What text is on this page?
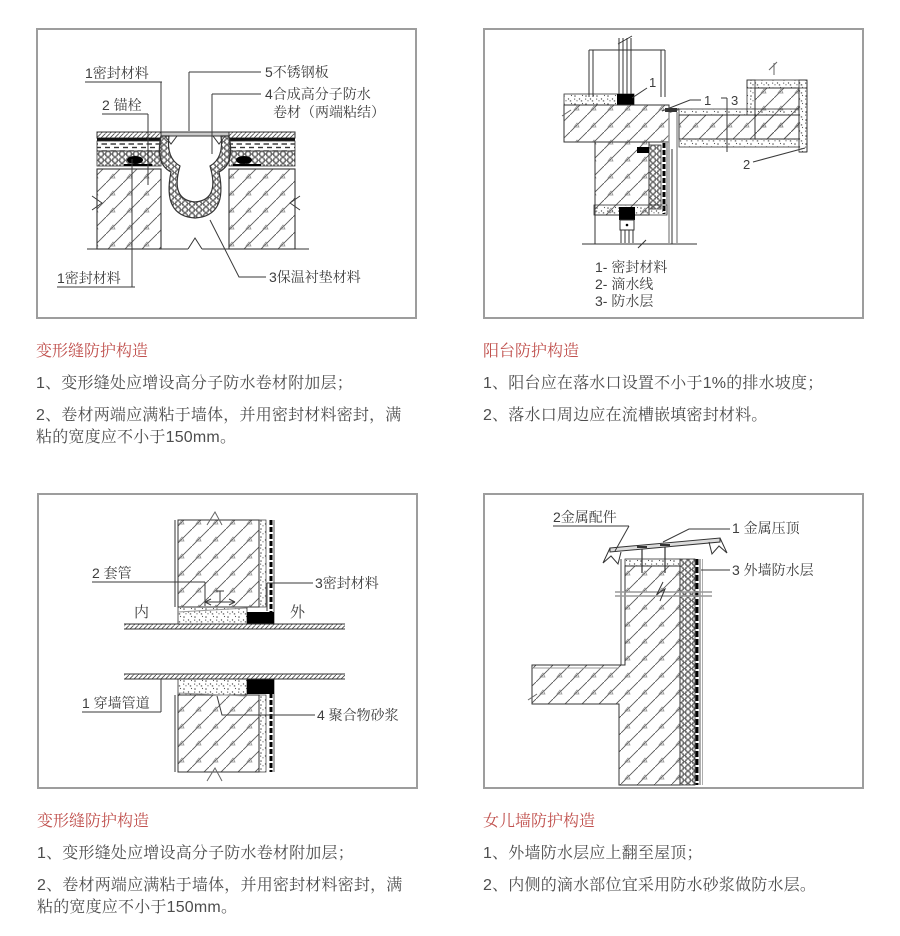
1密封材料
2 锚栓
5不锈钢板
4合成高分子防水
卷材（两端粘结）
1密封材料	3保温衬垫材料
1
1 3
2
1- 密封材料
2- 滴水线
3- 防水层
2 套管
内	外
3密封材料
1 穿墙管道
4 聚合物砂浆
2金属配件
1 金属压顶
3 外墙防水层
变形缝防护构造

1、变形缝处应增设高分子防水卷材附加层；

2、卷材两端应满粘于墙体，并用密封材料密封，满粘的宽度应不小于150mm。

阳台防护构造

1、阳台应在落水口设置不小于1%的排水坡度；

2、落水口周边应在流槽嵌填密封材料。

变形缝防护构造

1、变形缝处应增设高分子防水卷材附加层；

2、卷材两端应满粘于墙体，并用密封材料密封，满粘的宽度应不小于150mm。

女儿墙防护构造

1、外墙防水层应上翻至屋顶；

2、内侧的滴水部位宜采用防水砂浆做防水层。
